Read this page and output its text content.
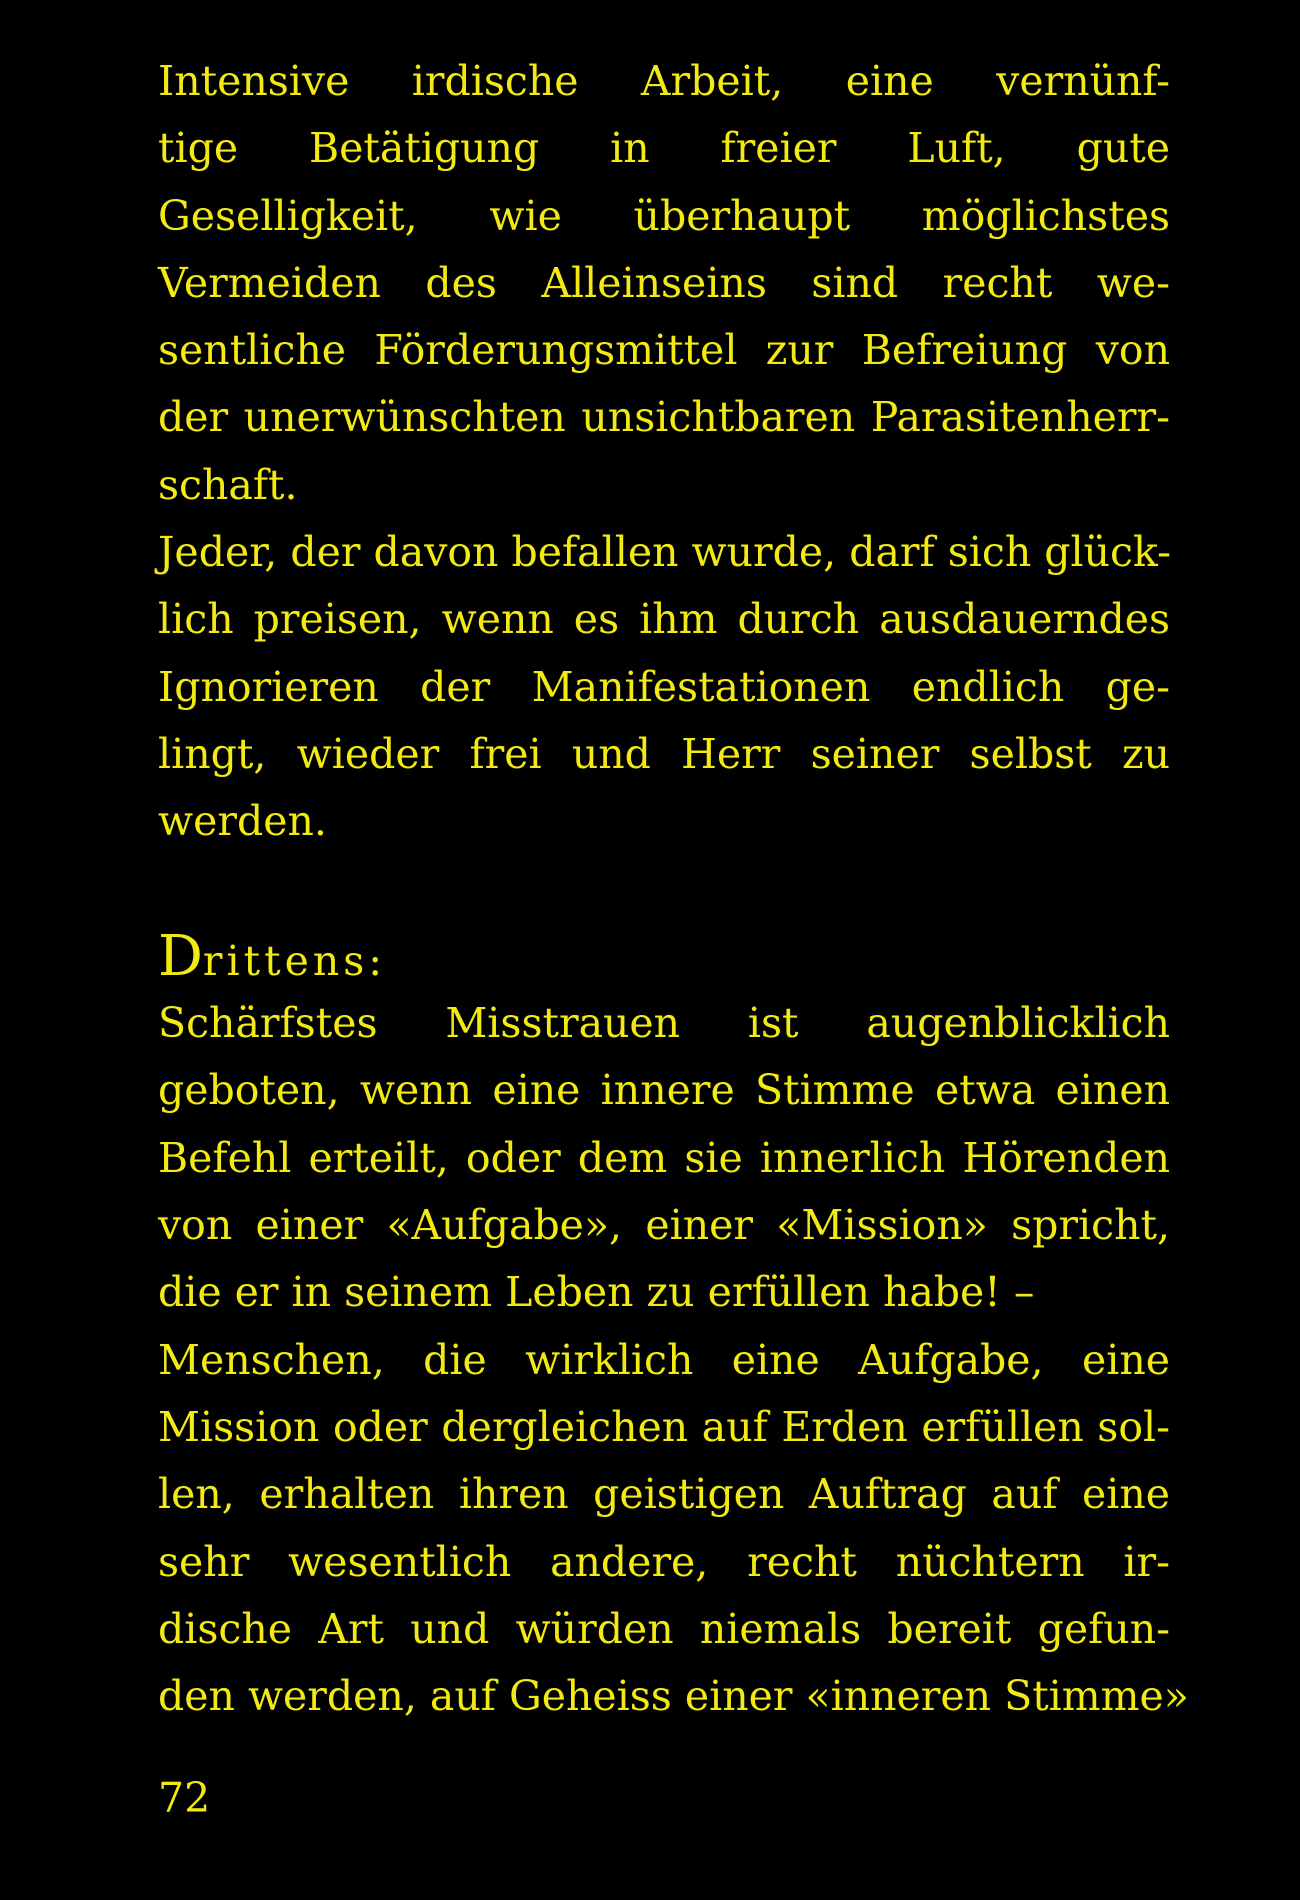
Intensive irdische Arbeit, eine vernünf-
tige Betätigung in freier Luft, gute
Geselligkeit, wie überhaupt möglichstes
Vermeiden des Alleinseins sind recht we-
sentliche Förderungsmittel zur Befreiung von
der unerwünschten unsichtbaren Parasitenherr-
schaft.
Jeder, der davon befallen wurde, darf sich glück-
lich preisen, wenn es ihm durch ausdauerndes
Ignorieren der Manifestationen endlich ge-
lingt, wieder frei und Herr seiner selbst zu
werden.
Drittens:
Schärfstes Misstrauen ist augenblicklich
geboten, wenn eine innere Stimme etwa einen
Befehl erteilt, oder dem sie innerlich Hörenden
von einer «Aufgabe», einer «Mission» spricht,
die er in seinem Leben zu erfüllen habe! –
Menschen, die wirklich eine Aufgabe, eine
Mission oder dergleichen auf Erden erfüllen sol-
len, erhalten ihren geistigen Auftrag auf eine
sehr wesentlich andere, recht nüchtern ir-
dische Art und würden niemals bereit gefun-
den werden, auf Geheiss einer «inneren Stimme»
72
